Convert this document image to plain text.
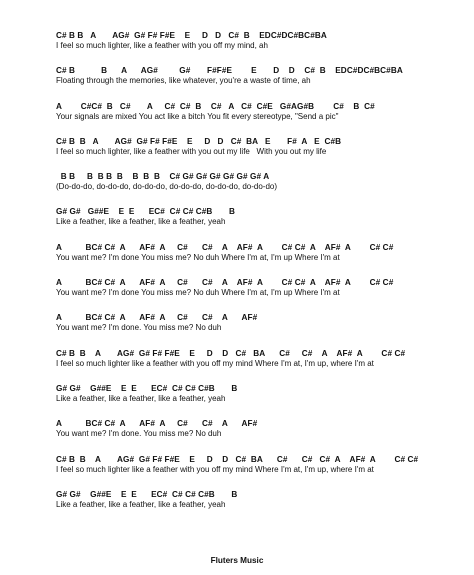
C# B B   A       AG#  G# F# F#E    E     D   D   C#  B    EDC#DC#BC#BA
I feel so much lighter, like a feather with you off my mind, ah
C# B           B      A      AG#         G#       F#F#E        E       D    D    C#  B    EDC#DC#BC#BA
Floating through the memories, like whatever, you're a waste of time, ah
A        C#C#  B   C#       A     C#  C#  B    C#   A   C#  C#E   G#AG#B        C#    B  C#
Your signals are mixed You act like a bitch You fit every stereotype, "Send a pic"
C# B  B   A       AG#  G# F# F#E    E     D   D   C#  BA   E       F#  A   E  C#B
I feel so much lighter, like a feather with you out my life   With you out my life
B B     B  B B  B    B  B  B    C# G# G# G# G# G# G# A
(Do-do-do, do-do-do, do-do-do, do-do-do, do-do-do, do-do-do)
G# G#   G##E    E  E      EC#  C# C# C#B       B
Like a feather, like a feather, like a feather, yeah
A          BC# C#  A      AF#  A     C#      C#    A    AF#  A        C# C#  A    AF#  A        C# C#
You want me? I'm done You miss me? No duh Where I'm at, I'm up Where I'm at
A          BC# C#  A      AF#  A     C#      C#    A    AF#  A        C# C#  A    AF#  A        C# C#
You want me? I'm done You miss me? No duh Where I'm at, I'm up Where I'm at
A          BC# C#  A      AF#  A     C#      C#    A      AF#
You want me? I'm done. You miss me? No duh
C# B  B    A       AG#  G# F# F#E    E     D    D   C#   BA      C#     C#    A    AF#  A        C# C#
I feel so much lighter like a feather with you off my mind Where I'm at, I'm up, where I'm at
G# G#    G##E    E  E      EC#  C# C# C#B       B
Like a feather, like a feather, like a feather, yeah
A          BC# C#  A      AF#  A     C#      C#    A      AF#
You want me? I'm done. You miss me? No duh
C# B  B    A       AG#  G# F# F#E    E     D    D   C#  BA      C#      C#   C#  A    AF#  A        C# C#
I feel so much lighter like a feather with you off my mind Where I'm at, I'm up, where I'm at
G# G#    G##E    E  E      EC#  C# C# C#B       B
Like a feather, like a feather, like a feather, yeah
Fluters Music
